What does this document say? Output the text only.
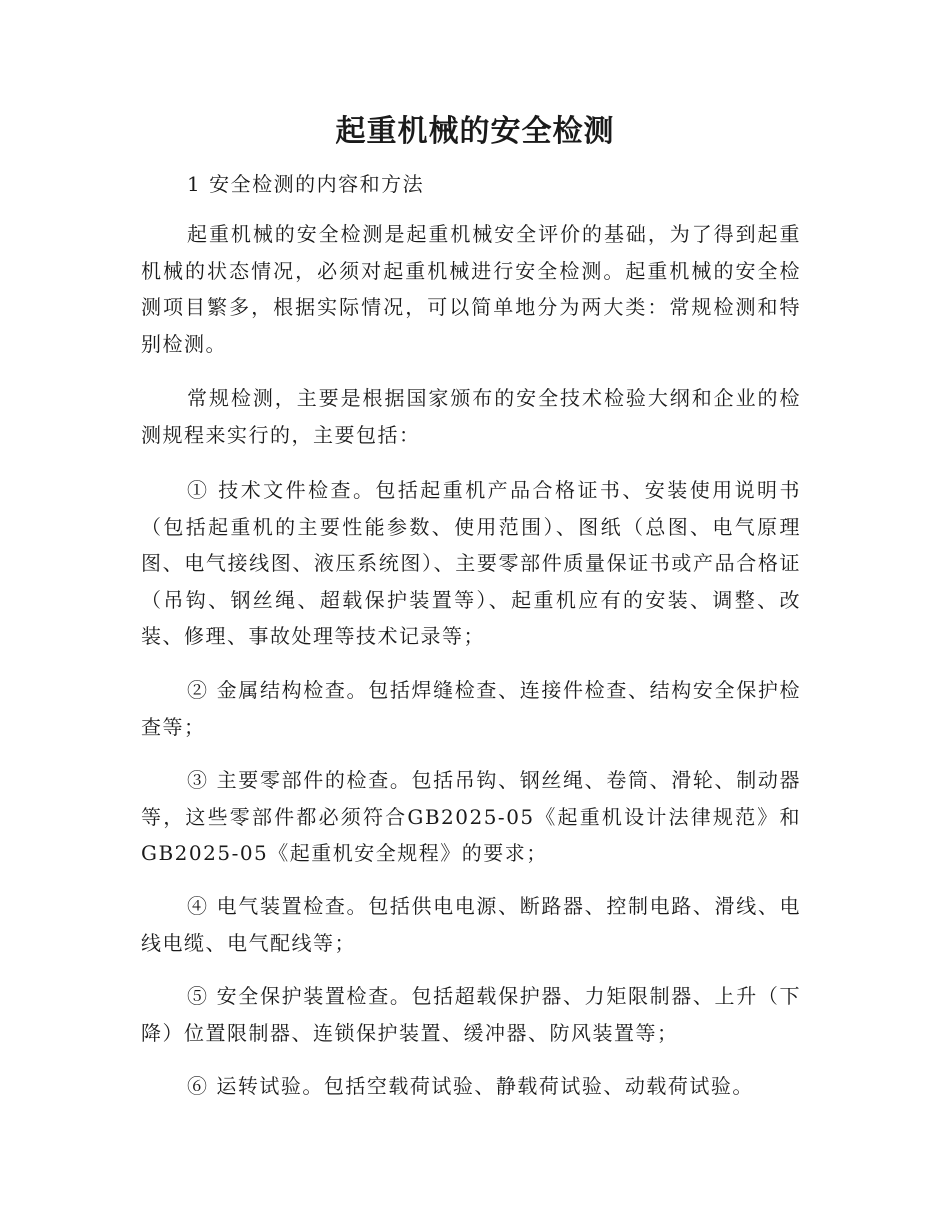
起重机械的安全检测

1 安全检测的内容和方法

起重机械的安全检测是起重机械安全评价的基础，为了得到起重机械的状态情况，必须对起重机械进行安全检测。起重机械的安全检测项目繁多，根据实际情况，可以简单地分为两大类：常规检测和特别检测。

常规检测，主要是根据国家颁布的安全技术检验大纲和企业的检测规程来实行的，主要包括：

① 技术文件检查。包括起重机产品合格证书、安装使用说明书（包括起重机的主要性能参数、使用范围）、图纸（总图、电气原理图、电气接线图、液压系统图）、主要零部件质量保证书或产品合格证（吊钩、钢丝绳、超载保护装置等）、起重机应有的安装、调整、改装、修理、事故处理等技术记录等；

② 金属结构检查。包括焊缝检查、连接件检查、结构安全保护检查等；

③ 主要零部件的检查。包括吊钩、钢丝绳、卷筒、滑轮、制动器等，这些零部件都必须符合GB2025-05《起重机设计法律规范》和GB2025-05《起重机安全规程》的要求；

④ 电气装置检查。包括供电电源、断路器、控制电路、滑线、电线电缆、电气配线等；

⑤ 安全保护装置检查。包括超载保护器、力矩限制器、上升（下降）位置限制器、连锁保护装置、缓冲器、防风装置等；

⑥ 运转试验。包括空载荷试验、静载荷试验、动载荷试验。
